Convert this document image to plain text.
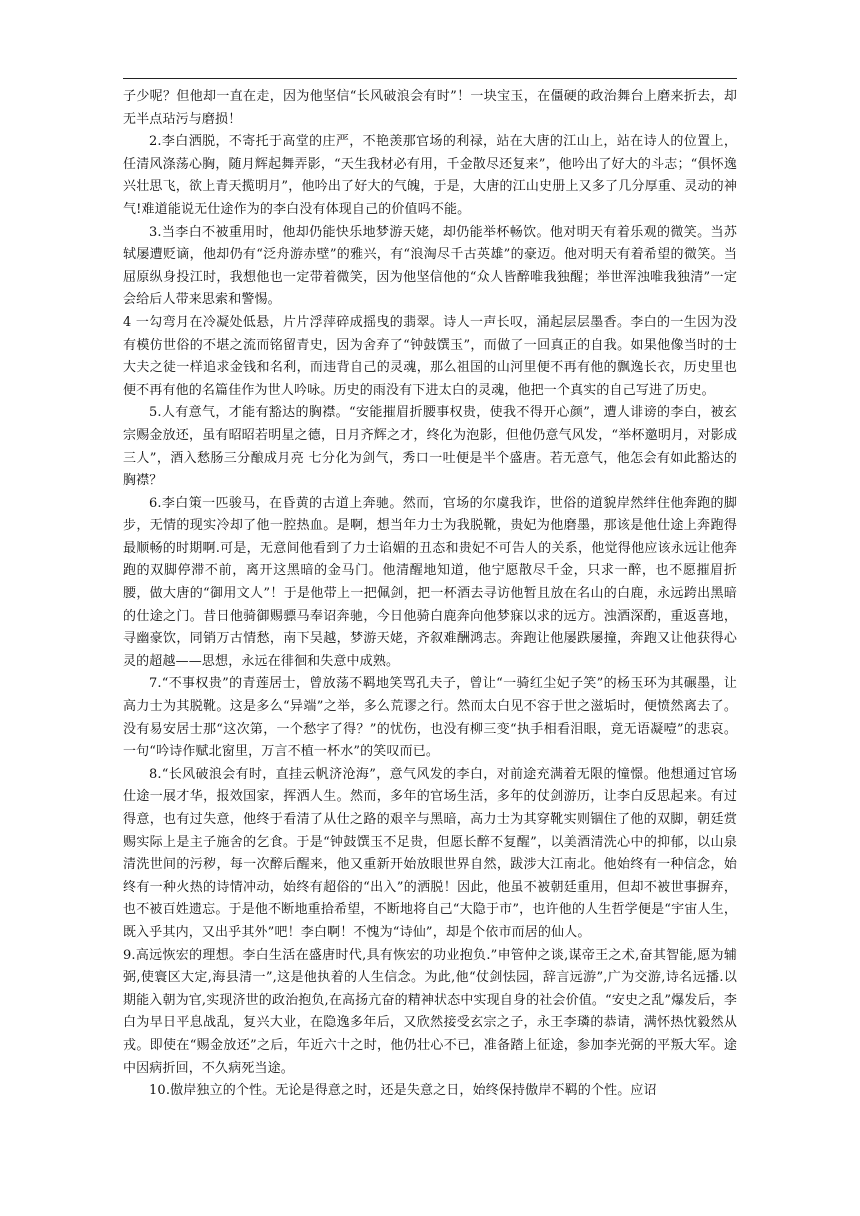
子少呢？但他却一直在走，因为他坚信“长风破浪会有时”！一块宝玉，在僵硬的政治舞台上磨来折去，却无半点玷污与磨损！

2.李白洒脱，不寄托于高堂的庄严，不艳羡那官场的利禄，站在大唐的江山上，站在诗人的位置上，任清风涤荡心胸，随月辉起舞弄影，“天生我材必有用，千金散尽还复来”，他吟出了好大的斗志；“俱怀逸兴壮思飞，欲上青天揽明月”，他吟出了好大的气魄，于是，大唐的江山史册上又多了几分厚重、灵动的神气!难道能说无仕途作为的李白没有体现自己的价值吗不能。

3.当李白不被重用时，他却仍能快乐地梦游天姥，却仍能举杯畅饮。他对明天有着乐观的微笑。当苏轼屡遭贬谪，他却仍有“泛舟游赤壁”的雅兴，有“浪淘尽千古英雄”的豪迈。他对明天有着希望的微笑。当屈原纵身投江时，我想他也一定带着微笑，因为他坚信他的“众人皆醉唯我独醒；举世浑浊唯我独清”一定会给后人带来思索和警惕。

4 一勾弯月在冷凝处低悬，片片浮萍碎成摇曳的翡翠。诗人一声长叹，涌起层层墨香。李白的一生因为没有模仿世俗的不堪之流而铭留青史，因为舍弃了“钟鼓馔玉”，而做了一回真正的自我。如果他像当时的士大夫之徒一样追求金钱和名利，而违背自己的灵魂，那么祖国的山河里便不再有他的飘逸长衣，历史里也便不再有他的名篇佳作为世人吟咏。历史的雨没有下进太白的灵魂，他把一个真实的自己写进了历史。

5.人有意气，才能有豁达的胸襟。“安能摧眉折腰事权贵，使我不得开心颜”，遭人诽谤的李白，被玄宗赐金放还，虽有昭昭若明星之德，日月齐辉之才，终化为泡影，但他仍意气风发，“举杯邀明月，对影成三人”，酒入愁肠三分酿成月亮 七分化为剑气，秀口一吐便是半个盛唐。若无意气，他怎会有如此豁达的胸襟？

6.李白策一匹骏马，在昏黄的古道上奔驰。然而，官场的尔虞我诈，世俗的道貌岸然绊住他奔跑的脚步，无情的现实冷却了他一腔热血。是啊，想当年力士为我脱靴，贵妃为他磨墨，那该是他仕途上奔跑得最顺畅的时期啊.可是，无意间他看到了力士谄媚的丑态和贵妃不可告人的关系，他觉得他应该永远让他奔跑的双脚停滞不前，离开这黑暗的金马门。他清醒地知道，他宁愿散尽千金，只求一醉，也不愿摧眉折腰，做大唐的“御用文人”！于是他带上一把佩剑，把一杯酒去寻访他暂且放在名山的白鹿，永远跨出黑暗的仕途之门。昔日他骑御赐骠马奉诏奔驰，今日他骑白鹿奔向他梦寐以求的远方。浊酒深酌，重返喜地，寻幽豪饮，同销万古情愁，南下吴越，梦游天姥，齐叙难酬鸿志。奔跑让他屡跌屡撞，奔跑又让他获得心灵的超越——思想，永远在徘徊和失意中成熟。

7.“不事权贵”的青莲居士，曾放荡不羁地笑骂孔夫子，曾让“一骑红尘妃子笑”的杨玉环为其碾墨，让高力士为其脱靴。这是多么“异端”之举，多么荒谬之行。然而太白见不容于世之滋垢时，便愤然离去了。没有易安居士那“这次第，一个愁字了得？”的忧伤，也没有柳三变“执手相看泪眼，竟无语凝噎”的悲哀。一句“吟诗作赋北窗里，万言不植一杯水”的笑叹而已。

8.“长风破浪会有时，直挂云帆济沧海”，意气风发的李白，对前途充满着无限的憧憬。他想通过官场仕途一展才华，报效国家，挥洒人生。然而，多年的官场生活，多年的仗剑游历，让李白反思起来。有过得意，也有过失意，他终于看清了从仕之路的艰辛与黑暗，高力士为其穿靴实则锢住了他的双脚，朝廷赏赐实际上是主子施舍的乞食。于是“钟鼓馔玉不足贵，但愿长醉不复醒”，以美酒清洗心中的抑郁，以山泉清洗世间的污秽，每一次醉后醒来，他又重新开始放眼世界自然，跋涉大江南北。他始终有一种信念，始终有一种火热的诗情冲动，始终有超俗的“出入”的洒脱！因此，他虽不被朝廷重用，但却不被世事摒弃，也不被百姓遗忘。于是他不断地重拾希望，不断地将自己“大隐于市”，也许他的人生哲学便是“宇宙人生，既入乎其内，又出乎其外”吧！李白啊！不愧为“诗仙”，却是个依市而居的仙人。

9.高远恢宏的理想。李白生活在盛唐时代,具有恢宏的功业抱负.”申管仲之谈,谋帝王之术,奋其智能,愿为辅弼,使寰区大定,海县清一”,这是他执着的人生信念。为此,他“仗剑怯园，辞言远游”,广为交游,诗名远播.以期能入朝为官,实现济世的政治抱负,在高扬亢奋的精神状态中实现自身的社会价值。“安史之乱”爆发后，李白为早日平息战乱，复兴大业，在隐逸多年后，又欣然接受玄宗之子，永王李璘的恭请，满怀热忱毅然从戎。即使在“赐金放还”之后，年近六十之时，他仍壮心不已，准备踏上征途，参加李光弼的平叛大军。途中因病折回，不久病死当途。

10.傲岸独立的个性。无论是得意之时，还是失意之日，始终保持傲岸不羁的个性。应诏
